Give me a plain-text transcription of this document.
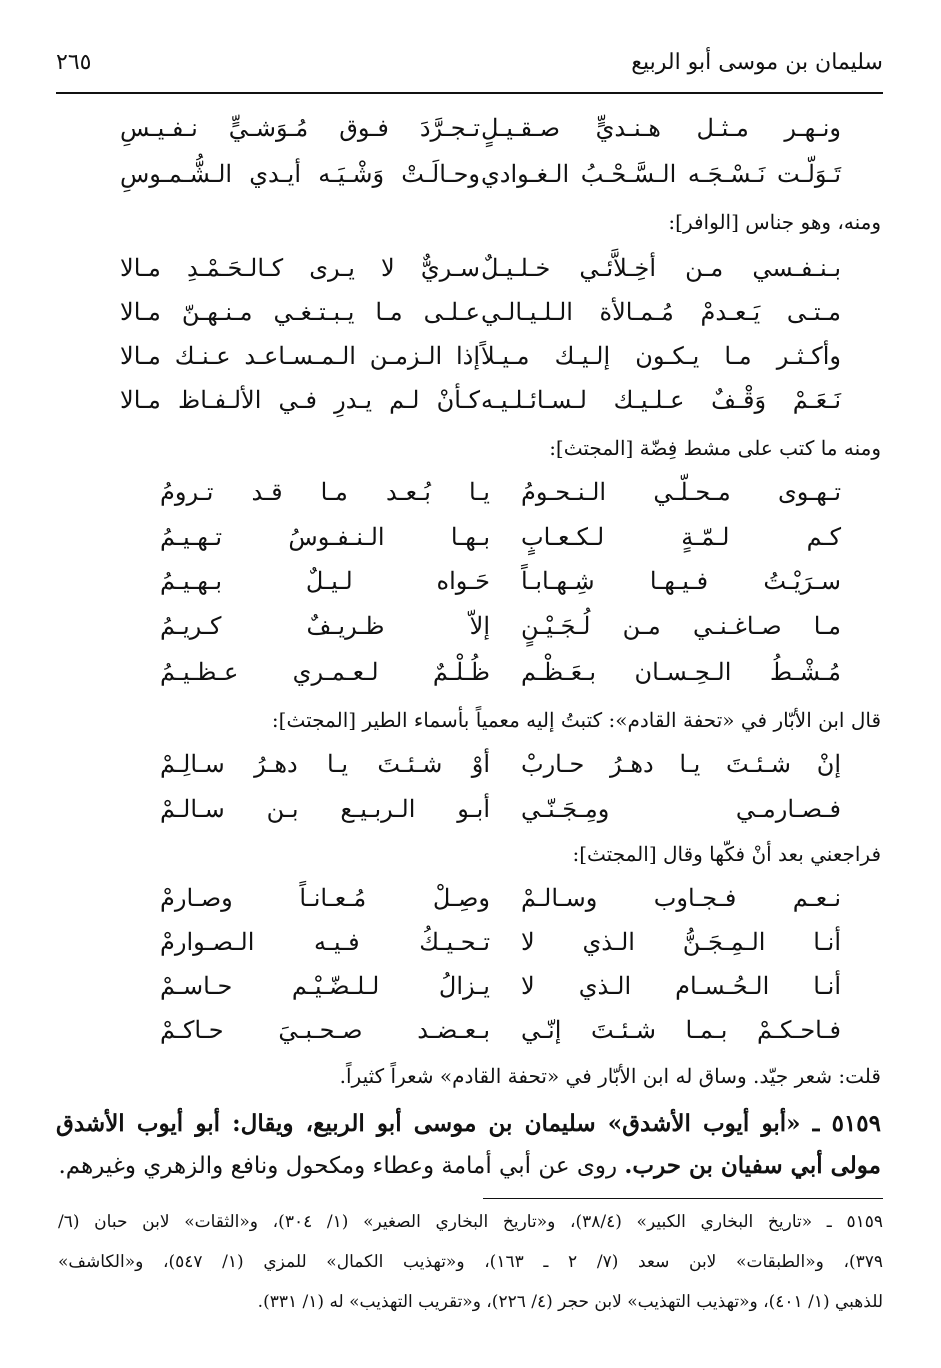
سليمان بن موسى أبو الربيع
٢٦٥
ونـهـر مـثـل هـنـديٍّ صـقـيـلٍ
تـجـرَّدَ فـوق مُـوَشـيٍّ نـفـيـسِ
تَـوَلّـت نَـسْـجَـه الـسَّـحْـبُ الـغـوادي
وحـالَـتْ وَشْـيَـه أيـدي الـشُّـمـوسِ
ومنه، وهو جناس [الوافر]:
بـنـفـسي مـن أخِـلاَّئـي خـلـيـلٌ
سـريٌّ لا يـرى كـالـحَـمْـدِ مـالا
مـتـى يَـعـدمْ مُـمـالأة الـلـيـالـي
عـلـى مـا يـبـتـغـي مـنـهـنّ مـالا
وأكـثـر مـا يـكـون إلـيـك مـيـلاً
إذا الـزمـن الـمـسـاعـد عـنـك مـالا
نَـعَـمْ وَقْـفٌ عـلـيـك لـسـائـلـيـه
كـأنْ لـم يـدرِ فـي الألـفـاظ مـالا
ومنه ما كتب على مشط فِضّة [المجتث]:
تـهـوى مـحـلّـي الـنـحـومُ
يـا بُـعـد مـا قـد تـرومُ
كـم لـمّـةٍ لـكـعـابٍ
بـهـا الـنـفـوسُ تـهـيـمُ
سـرَيْـتُ فـيـهـا شِـهـابـاً
حَـواه لـيـلٌ بـهـيـمُ
مـا صـاغـنـي مـن لُـجَـيْـنٍ
إلاّ ظـريـفٌ كـريـمُ
مُـشْـطُ الـحِـسـان بـعَـظْـم
ظُـلْـمٌ لـعـمـري عـظـيـمُ
قال ابن الأبّار في «تحفة القادم»: كتبتُ إليه معمياً بأسماء الطير [المجتث]:
إنْ شـئـتَ يـا دهـرُ حـاربْ
أوْ شـئـتَ يـا دهـرُ سـالِـمْ
فـصـارمـي ومِـجَـنّـي
أبـو الـربـيـع بـن سـالـمْ
فراجعني بعد أنْ فكّها وقال [المجتث]:
نـعـم فـجـاوب وسـالـمْ
وصِـلْ مُـعـانـاً وصـارمْ
أنـا الـمِـجَـنُّ الـذي لا
تـحـيـكُ فـيـه الـصـوارمْ
أنـا الـحُـسـام الـذي لا
يـزالُ لـلـضّـيْـم حـاسـمْ
فـاحـكـمْ بـمـا شـئـتَ إنّـي
بـعـضـد صـحـبـيَ حـاكـمْ
قلت: شعر جيّد. وساق له ابن الأبّار في «تحفة القادم» شعراً كثيراً.
٥١٥٩ ـ «أبو أيوب الأشدق» سليمان بن موسى أبو الربيع، ويقال: أبو أيوب الأشدق
مولى أبي سفيان بن حرب. روى عن أبي أمامة وعطاء ومكحول ونافع والزهري وغيرهم.
٥١٥٩ ـ «تاريخ البخاري الكبير» (٣٨/٤)، و«تاريخ البخاري الصغير» (١/ ٣٠٤)، و«الثقات» لابن حبان (٦/
٣٧٩)، و«الطبقات» لابن سعد (٧/ ٢ ـ ١٦٣)، و«تهذيب الكمال» للمزي (١/ ٥٤٧)، و«الكاشف»
للذهبي (١/ ٤٠١)، و«تهذيب التهذيب» لابن حجر (٤/ ٢٢٦)، و«تقريب التهذيب» له (١/ ٣٣١).
